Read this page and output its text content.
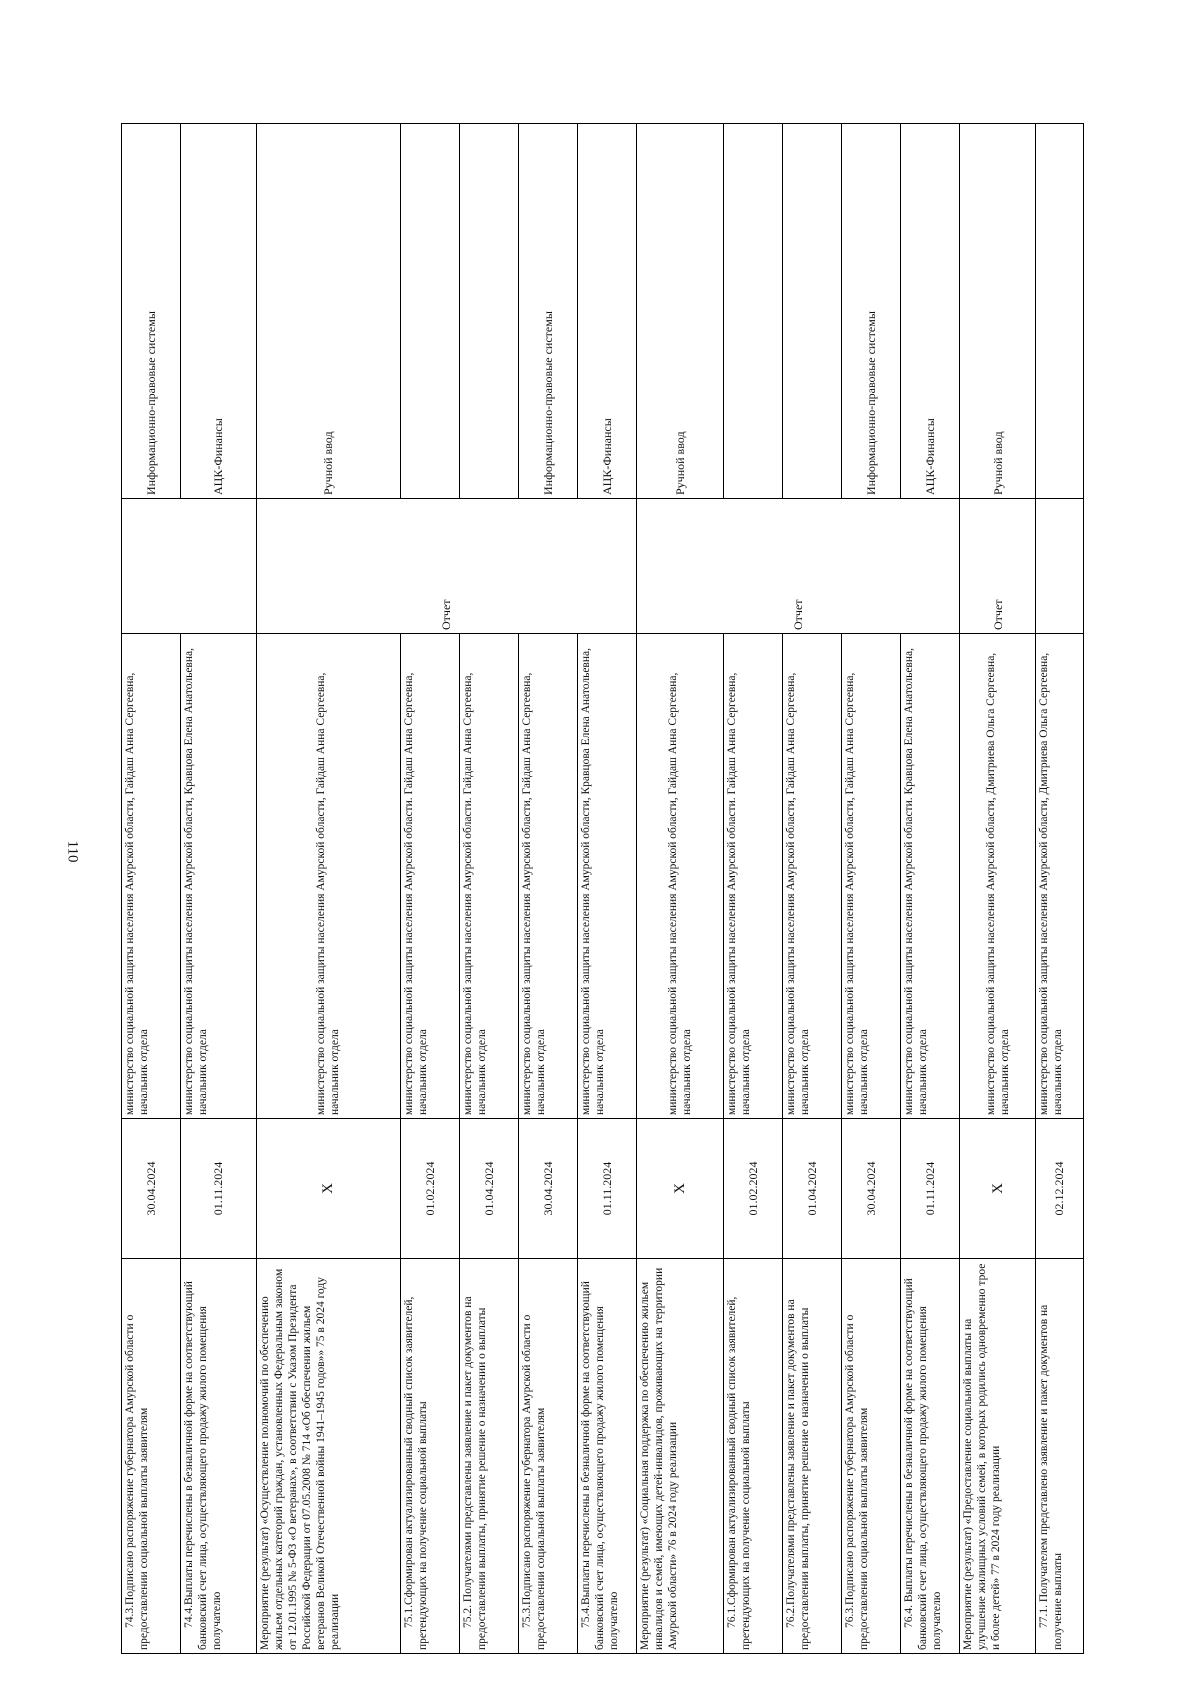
110
74.3.Подписано распоряжение губернатора Амурской области о предоставлении социальной выплаты заявителям	30.04.2024	министерство социальной защиты населения Амурской области, Гайдаш Анна Сергеевна, начальник отдела		Информационно-правовые системы

74.4.Выплаты перечислены в безналичной форме на соответствующий банковский счет лица, осуществляющего продажу жилого помещения получателю	01.11.2024	министерство социальной защиты населения Амурской области, Кравцова Елена Анатольевна, начальник отдела		АЦК-Финансы

Мероприятие (результат) «Осуществление полномочий по обеспечению жильем отдельных категорий граждан, установленных Федеральным законом от 12.01.1995 № 5-ФЗ «О ветеранах», в соответствии с Указом Президента Российской Федерации от 07.05.2008 № 714 «Об обеспечении жильем ветеранов Великой Отечественной войны 1941–1945 годов»» 75 в 2024 году реализации	X	министерство социальной защиты населения Амурской области, Гайдаш Анна Сергеевна, начальник отдела	Отчет	Ручной ввод

75.1.Сформирован актуализированный сводный список заявителей, претендующих на получение социальной выплаты	01.02.2024	министерство социальной защиты населения Амурской области. Гайдаш Анна Сергеевна, начальник отдела		

75.2. Получателями представлены заявление и пакет документов на предоставлении выплаты, принятие решение о назначении о выплаты	01.04.2024	министерство социальной защиты населения Амурской области. Гайдаш Анна Сергеевна, начальник отдела		

75.3.Подписано распоряжение губернатора Амурской области о предоставлении социальной выплаты заявителям	30.04.2024	министерство социальной защиты населения Амурской области, Гайдаш Анна Сергеевна, начальник отдела		Информационно-правовые системы

75.4.Выплаты перечислены в безналичной форме на соответствующий банковский счет лица, осуществляющего продажу жилого помещения получателю	01.11.2024	министерство социальной защиты населения Амурской области, Кравцова Елена Анатольевна, начальник отдела		АЦК-Финансы

Мероприятие (результат) «Социальная поддержка по обеспечению жильем инвалидов и семей, имеющих детей-инвалидов, проживающих на территории Амурской области» 76 в 2024 году реализации	X	министерство социальной защиты населения Амурской области, Гайдаш Анна Сергеевна, начальник отдела	Отчет	Ручной ввод

76.1.Сформирован актуализированный сводный список заявителей, претендующих на получение социальной выплаты	01.02.2024	министерство социальной защиты населения Амурской области. Гайдаш Анна Сергеевна, начальник отдела		

76.2.Получателями представлены заявление и пакет документов на предоставлении выплаты, принятие решение о назначении о выплаты	01.04.2024	министерство социальной защиты населения Амурской области, Гайдаш Анна Сергеевна, начальник отдела		

76.3.Подписано распоряжение губернатора Амурской области о предоставлении социальной выплаты заявителям	30.04.2024	министерство социальной защиты населения Амурской области, Гайдаш Анна Сергеевна, начальник отдела		Информационно-правовые системы

76.4. Выплаты перечислены в безналичной форме на соответствующий банковский счет лица, осуществляющего продажу жилого помещения получателю	01.11.2024	министерство социальной защиты населения Амурской области. Кравцова Елена Анатольевна, начальник отдела		АЦК-Финансы

Мероприятие (результат) «Предоставление социальной выплаты на улучшение жилищных условий семей, в которых родились одновременно трое и более детей» 77 в 2024 году реализации	X	министерство социальной защиты населения Амурской области, Дмитриева Ольга Сергеевна, начальник отдела	Отчет	Ручной ввод

77.1. Получателем представлено заявление и пакет документов на получение выплаты	02.12.2024	министерство социальной защиты населения Амурской области, Дмитриева Ольга Сергеевна, начальник отдела		
